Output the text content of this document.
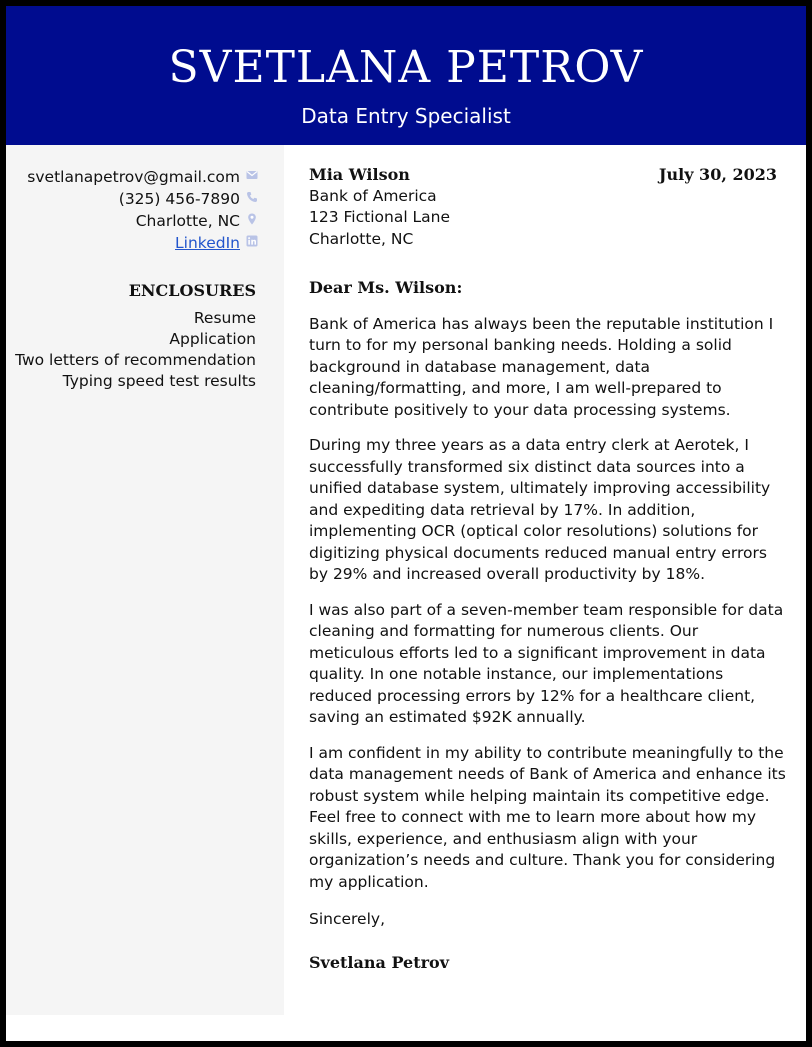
SVETLANA PETROV
Data Entry Specialist
svetlanapetrov@gmail.com
(325) 456-7890
Charlotte, NC
LinkedIn
ENCLOSURES
Resume
Application
Two letters of recommendation
Typing speed test results
Mia Wilson	July 30, 2023
Bank of America
123 Fictional Lane
Charlotte, NC
Dear Ms. Wilson:
Bank of America has always been the reputable institution I turn to for my personal banking needs. Holding a solid background in database management, data cleaning/formatting, and more, I am well-prepared to contribute positively to your data processing systems.
During my three years as a data entry clerk at Aerotek, I successfully transformed six distinct data sources into a unified database system, ultimately improving accessibility and expediting data retrieval by 17%. In addition, implementing OCR (optical color resolutions) solutions for digitizing physical documents reduced manual entry errors by 29% and increased overall productivity by 18%.
I was also part of a seven-member team responsible for data cleaning and formatting for numerous clients. Our meticulous efforts led to a significant improvement in data quality. In one notable instance, our implementations reduced processing errors by 12% for a healthcare client, saving an estimated $92K annually.
I am confident in my ability to contribute meaningfully to the data management needs of Bank of America and enhance its robust system while helping maintain its competitive edge. Feel free to connect with me to learn more about how my skills, experience, and enthusiasm align with your organization’s needs and culture. Thank you for considering my application.
Sincerely,
Svetlana Petrov
